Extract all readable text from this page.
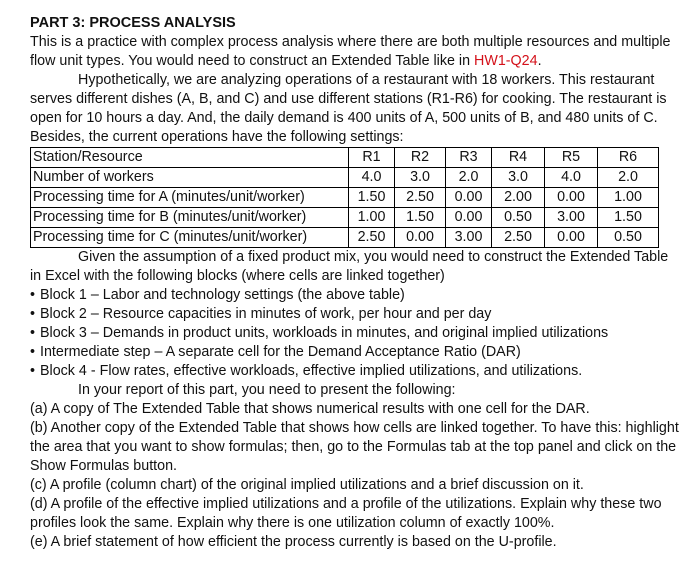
PART 3: PROCESS ANALYSIS

This is a practice with complex process analysis where there are both multiple resources and multiple flow unit types. You would need to construct an Extended Table like in HW1-Q24.

Hypothetically, we are analyzing operations of a restaurant with 18 workers. This restaurant serves different dishes (A, B, and C) and use different stations (R1-R6) for cooking. The restaurant is open for 10 hours a day. And, the daily demand is 400 units of A, 500 units of B, and 480 units of C. Besides, the current operations have the following settings:

Station/Resource	R1	R2	R3	R4	R5	R6
Number of workers	4.0	3.0	2.0	3.0	4.0	2.0
Processing time for A (minutes/unit/worker)	1.50	2.50	0.00	2.00	0.00	1.00
Processing time for B (minutes/unit/worker)	1.00	1.50	0.00	0.50	3.00	1.50
Processing time for C (minutes/unit/worker)	2.50	0.00	3.00	2.50	0.00	0.50

Given the assumption of a fixed product mix, you would need to construct the Extended Table in Excel with the following blocks (where cells are linked together)

• Block 1 – Labor and technology settings (the above table)
• Block 2 – Resource capacities in minutes of work, per hour and per day
• Block 3 – Demands in product units, workloads in minutes, and original implied utilizations
• Intermediate step – A separate cell for the Demand Acceptance Ratio (DAR)
• Block 4 - Flow rates, effective workloads, effective implied utilizations, and utilizations.

In your report of this part, you need to present the following:

(a) A copy of The Extended Table that shows numerical results with one cell for the DAR.

(b) Another copy of the Extended Table that shows how cells are linked together. To have this: highlight the area that you want to show formulas; then, go to the Formulas tab at the top panel and click on the Show Formulas button.

(c) A profile (column chart) of the original implied utilizations and a brief discussion on it.

(d) A profile of the effective implied utilizations and a profile of the utilizations. Explain why these two profiles look the same. Explain why there is one utilization column of exactly 100%.

(e) A brief statement of how efficient the process currently is based on the U-profile.
